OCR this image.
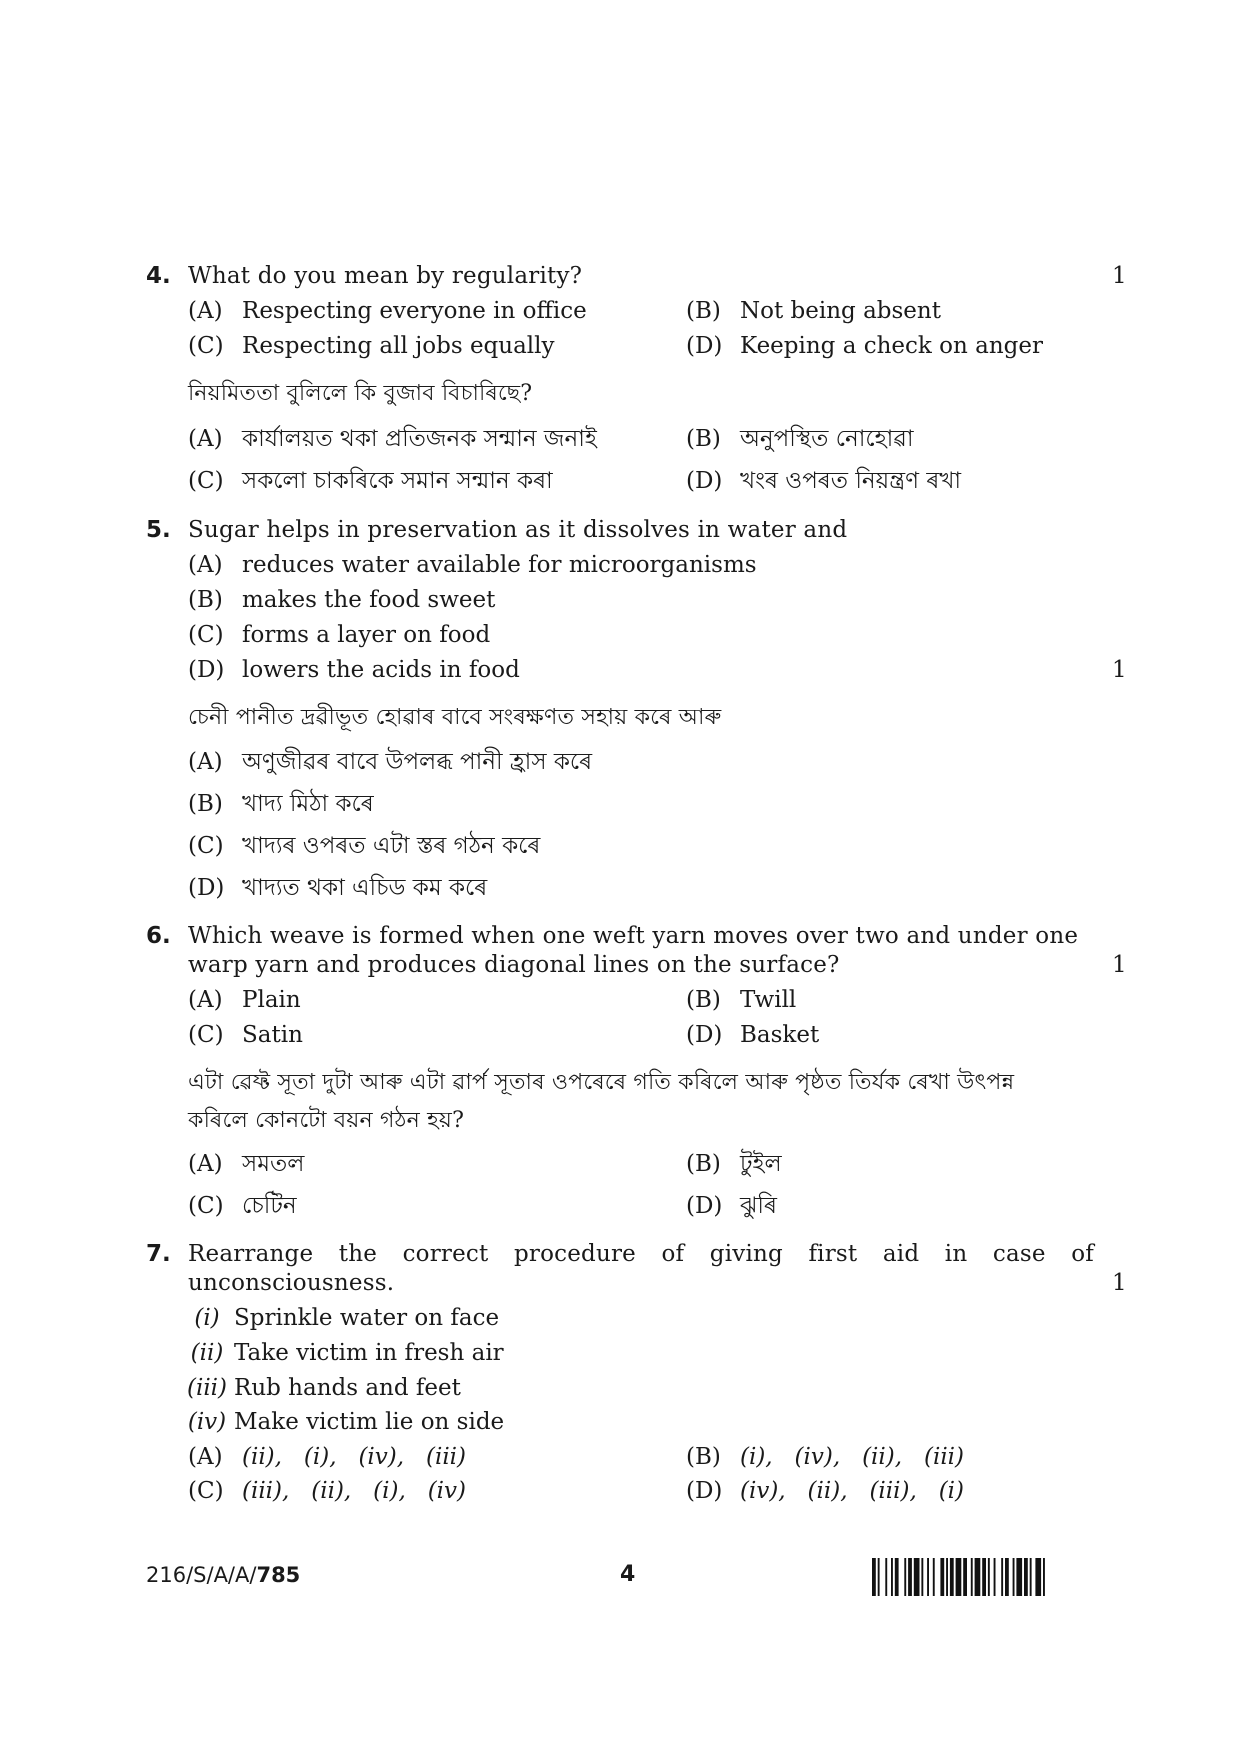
4. What do you mean by regularity?	1
(A) Respecting everyone in office	(B) Not being absent
(C) Respecting all jobs equally	(D) Keeping a check on anger
নিয়মিততা বুলিলে কি বুজাব বিচাৰিছে?
(A) কাৰ্যালয়ত থকা প্ৰতিজনক সন্মান জনাই	(B) অনুপস্থিত নোহোৱা
(C) সকলো চাকৰিকে সমান সন্মান কৰা	(D) খংৰ ওপৰত নিয়ন্ত্ৰণ ৰখা
5. Sugar helps in preservation as it dissolves in water and
(A) reduces water available for microorganisms
(B) makes the food sweet
(C) forms a layer on food
(D) lowers the acids in food	1
চেনী পানীত দ্ৰৱীভূত হোৱাৰ বাবে সংৰক্ষণত সহায় কৰে আৰু
(A) অণুজীৱৰ বাবে উপলব্ধ পানী হ্ৰাস কৰে
(B) খাদ্য মিঠা কৰে
(C) খাদ্যৰ ওপৰত এটা স্তৰ গঠন কৰে
(D) খাদ্যত থকা এচিড কম কৰে
6. Which weave is formed when one weft yarn moves over two and under one
warp yarn and produces diagonal lines on the surface?	1
(A) Plain	(B) Twill
(C) Satin	(D) Basket
এটা ৱেফ্ট সূতা দুটা আৰু এটা ৱাৰ্প সূতাৰ ওপৰেৰে গতি কৰিলে আৰু পৃষ্ঠত তিৰ্যক ৰেখা উৎপন্ন
কৰিলে কোনটো বয়ন গঠন হয়?
(A) সমতল	(B) টুইল
(C) চেটিন	(D) ঝুৰি
7. Rearrange the correct procedure of giving first aid in case of
unconsciousness.	1
(i) Sprinkle water on face
(ii) Take victim in fresh air
(iii) Rub hands and feet
(iv) Make victim lie on side
(A) (ii),   (i),   (iv),   (iii)	(B) (i),   (iv),   (ii),   (iii)
(C) (iii),   (ii),   (i),   (iv)	(D) (iv),   (ii),   (iii),   (i)
216/S/A/A/785	4
